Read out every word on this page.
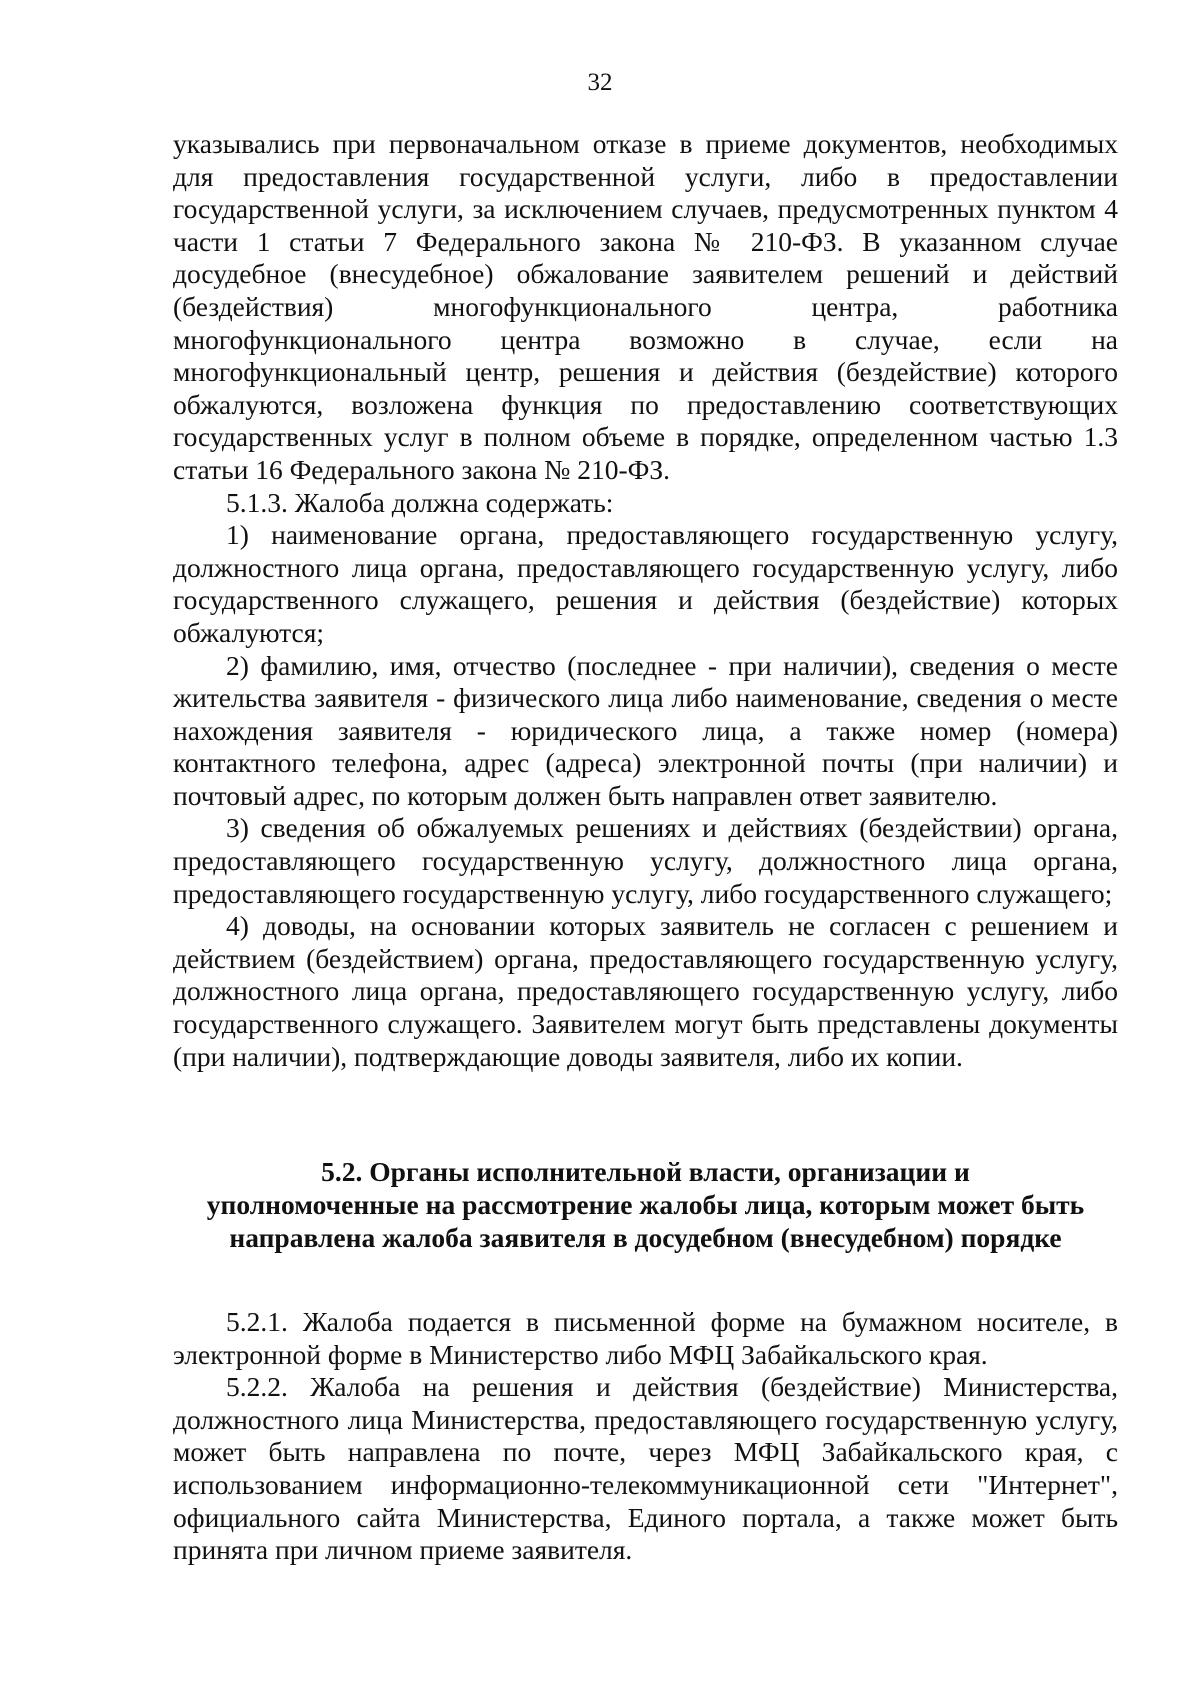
32

указывались при первоначальном отказе в приеме документов, необходимых для предоставления государственной услуги, либо в предоставлении государственной услуги, за исключением случаев, предусмотренных пунктом 4 части 1 статьи 7 Федерального закона № 210-ФЗ. В указанном случае досудебное (внесудебное) обжалование заявителем решений и действий (бездействия) многофункционального центра, работника многофункционального центра возможно в случае, если на многофункциональный центр, решения и действия (бездействие) которого обжалуются, возложена функция по предоставлению соответствующих государственных услуг в полном объеме в порядке, определенном частью 1.3 статьи 16 Федерального закона № 210-ФЗ.

5.1.3. Жалоба должна содержать:

1) наименование органа, предоставляющего государственную услугу, должностного лица органа, предоставляющего государственную услугу, либо государственного служащего, решения и действия (бездействие) которых обжалуются;

2) фамилию, имя, отчество (последнее - при наличии), сведения о месте жительства заявителя - физического лица либо наименование, сведения о месте нахождения заявителя - юридического лица, а также номер (номера) контактного телефона, адрес (адреса) электронной почты (при наличии) и почтовый адрес, по которым должен быть направлен ответ заявителю.

3) сведения об обжалуемых решениях и действиях (бездействии) органа, предоставляющего государственную услугу, должностного лица органа, предоставляющего государственную услугу, либо государственного служащего;

4) доводы, на основании которых заявитель не согласен с решением и действием (бездействием) органа, предоставляющего государственную услугу, должностного лица органа, предоставляющего государственную услугу, либо государственного служащего. Заявителем могут быть представлены документы (при наличии), подтверждающие доводы заявителя, либо их копии.

5.2. Органы исполнительной власти, организации и
уполномоченные на рассмотрение жалобы лица, которым может быть
направлена жалоба заявителя в досудебном (внесудебном) порядке

5.2.1. Жалоба подается в письменной форме на бумажном носителе, в электронной форме в Министерство либо МФЦ Забайкальского края.

5.2.2. Жалоба на решения и действия (бездействие) Министерства, должностного лица Министерства, предоставляющего государственную услугу, может быть направлена по почте, через МФЦ Забайкальского края, с использованием информационно-телекоммуникационной сети "Интернет", официального сайта Министерства, Единого портала, а также может быть принята при личном приеме заявителя.
